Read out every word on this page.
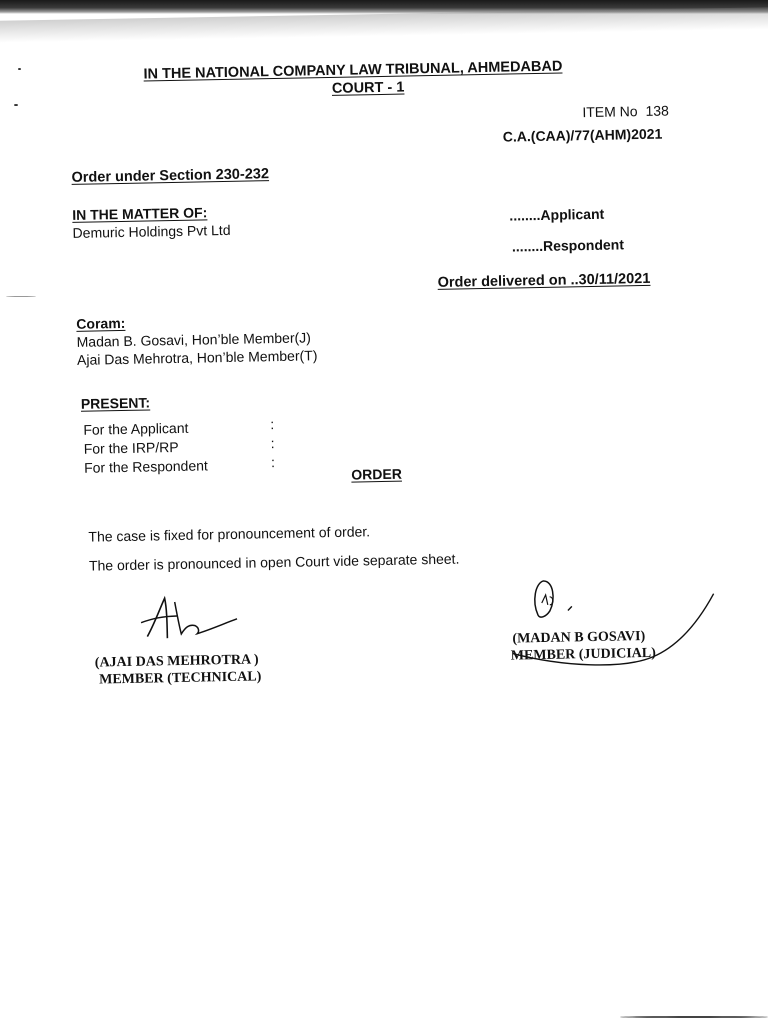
IN THE NATIONAL COMPANY LAW TRIBUNAL, AHMEDABAD
COURT - 1
ITEM No 138
C.A.(CAA)/77(AHM)2021
Order under Section 230-232
IN THE MATTER OF:
Demuric Holdings Pvt Ltd
........Applicant
........Respondent
Order delivered on ..30/11/2021
Coram:
Madan B. Gosavi, Hon’ble Member(J)
Ajai Das Mehrotra, Hon’ble Member(T)
PRESENT:
For the Applicant	:
For the IRP/RP	:
For the Respondent	:
ORDER
The case is fixed for pronouncement of order.
The order is pronounced in open Court vide separate sheet.
(AJAI DAS MEHROTRA )
MEMBER (TECHNICAL)
(MADAN B GOSAVI)
MEMBER (JUDICIAL)
